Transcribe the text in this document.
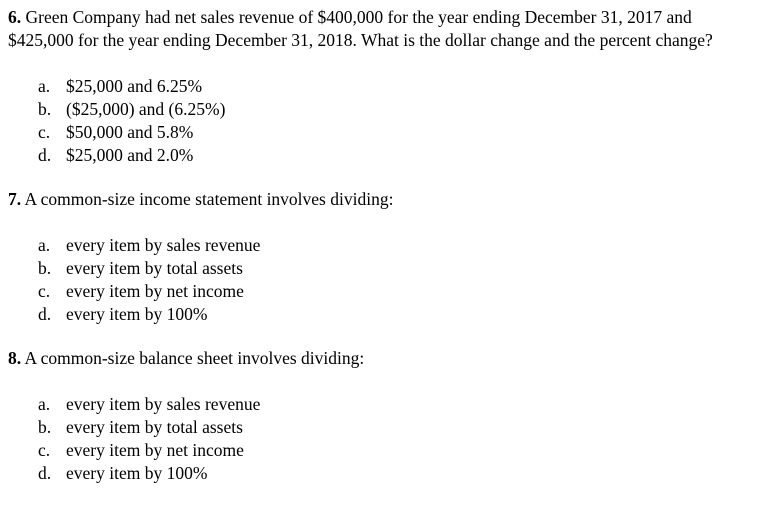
6. Green Company had net sales revenue of $400,000 for the year ending December 31, 2017 and $425,000 for the year ending December 31, 2018. What is the dollar change and the percent change?

a. $25,000 and 6.25%
b. ($25,000) and (6.25%)
c. $50,000 and 5.8%
d. $25,000 and 2.0%

7. A common-size income statement involves dividing:

a. every item by sales revenue
b. every item by total assets
c. every item by net income
d. every item by 100%

8. A common-size balance sheet involves dividing:

a. every item by sales revenue
b. every item by total assets
c. every item by net income
d. every item by 100%
